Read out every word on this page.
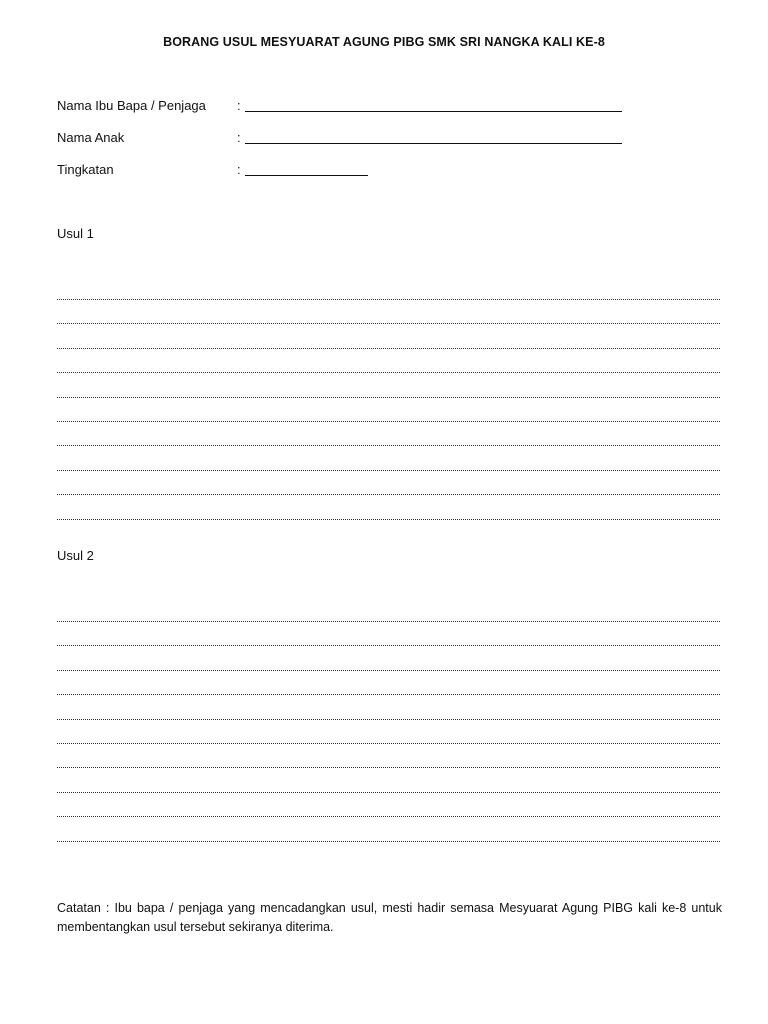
BORANG USUL MESYUARAT AGUNG PIBG SMK SRI NANGKA KALI KE-8
Nama Ibu Bapa / Penjaga :
Nama Anak	:
Tingkatan	:
Usul 1
Usul 2
Catatan : Ibu bapa / penjaga yang mencadangkan usul, mesti hadir semasa Mesyuarat Agung PIBG kali ke-8 untuk membentangkan usul tersebut sekiranya diterima.
